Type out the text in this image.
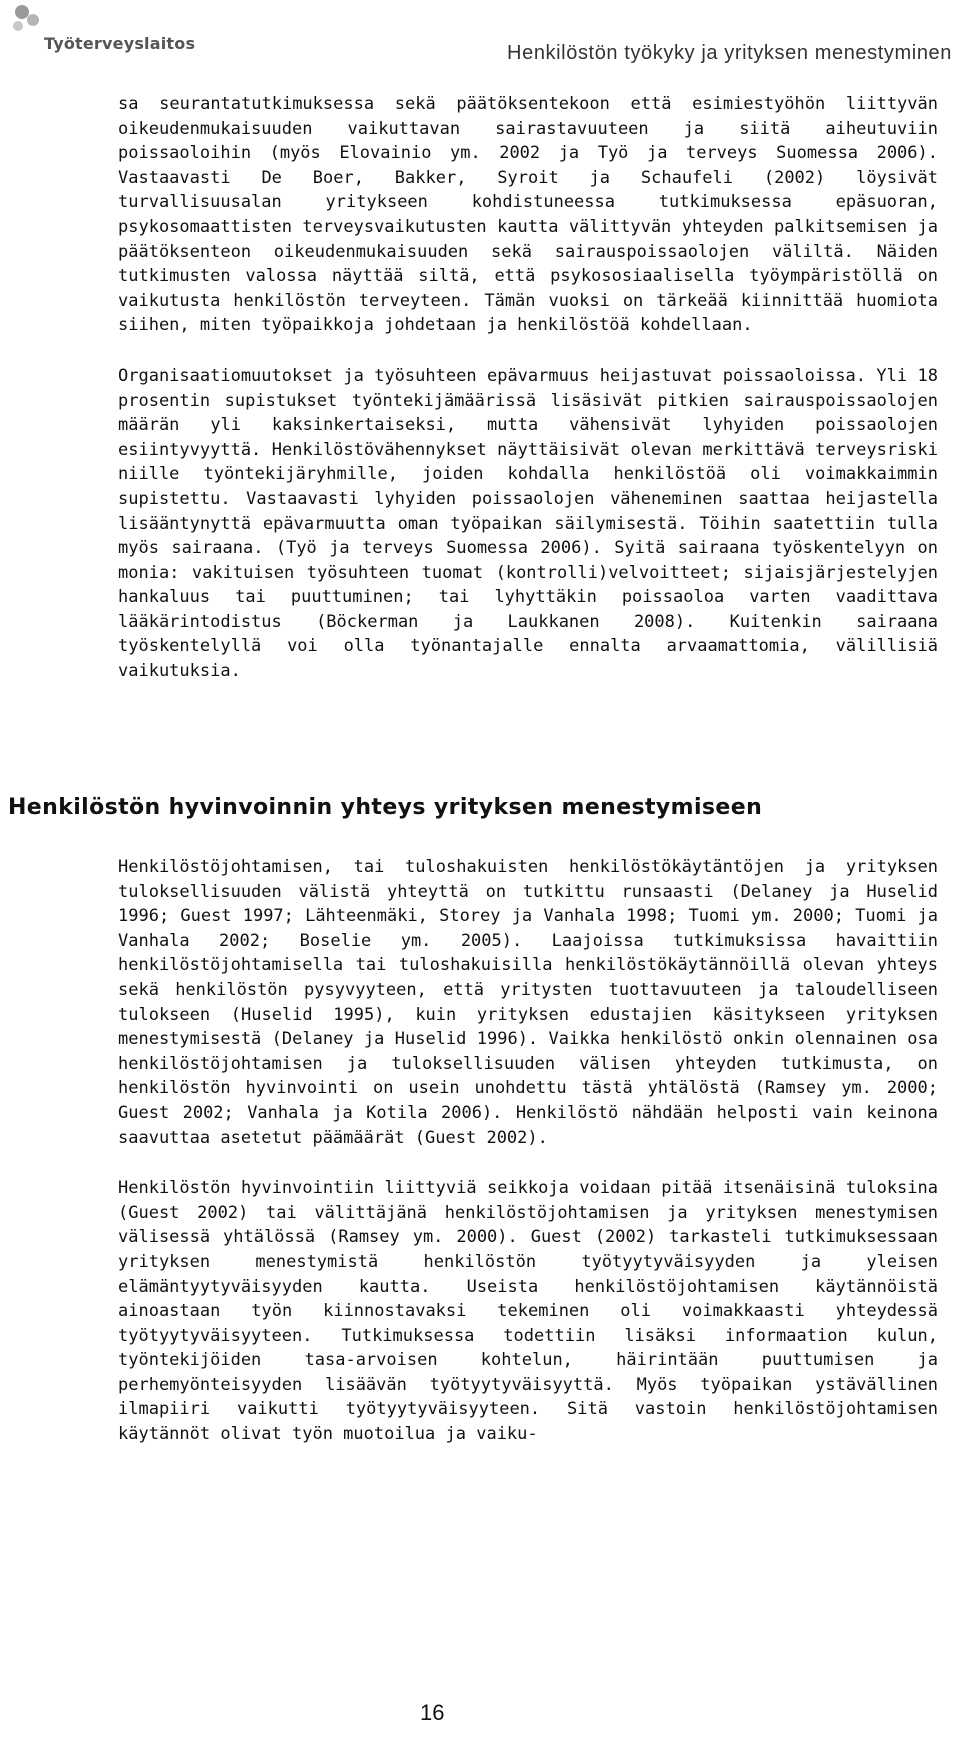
Työterveyslaitos	Henkilöstön työkyky ja yrityksen menestyminen

sa seurantatutkimuksessa sekä päätöksentekoon että esimiestyöhön liittyvän oikeudenmukaisuuden vaikuttavan sairastavuuteen ja siitä aiheutuviin poissaoloihin (myös Elovainio ym. 2002 ja Työ ja terveys Suomessa 2006). Vastaavasti De Boer, Bakker, Syroit ja Schaufeli (2002) löysivät turvallisuusalan yritykseen kohdistuneessa tutkimuksessa epäsuoran, psykosomaattisten terveysvaikutusten kautta välittyvän yhteyden palkitsemisen ja päätöksenteon oikeudenmukaisuuden sekä sairauspoissaolojen väliltä. Näiden tutkimusten valossa näyttää siltä, että psykososiaalisella työympäristöllä on vaikutusta henkilöstön terveyteen. Tämän vuoksi on tärkeää kiinnittää huomiota siihen, miten työpaikkoja johdetaan ja henkilöstöä kohdellaan.

Organisaatiomuutokset ja työsuhteen epävarmuus heijastuvat poissaoloissa. Yli 18 prosentin supistukset työntekijämäärissä lisäsivät pitkien sairauspoissaolojen määrän yli kaksinkertaiseksi, mutta vähensivät lyhyiden poissaolojen esiintyvyyttä. Henkilöstövähennykset näyttäisivät olevan merkittävä terveysriski niille työntekijäryhmille, joiden kohdalla henkilöstöä oli voimakkaimmin supistettu. Vastaavasti lyhyiden poissaolojen väheneminen saattaa heijastella lisääntynyttä epävarmuutta oman työpaikan säilymisestä. Töihin saatettiin tulla myös sairaana. (Työ ja terveys Suomessa 2006). Syitä sairaana työskentelyyn on monia: vakituisen työsuhteen tuomat (kontrolli)velvoitteet; sijaisjärjestelyjen hankaluus tai puuttuminen; tai lyhyttäkin poissaoloa varten vaadittava lääkärintodistus (Böckerman ja Laukkanen 2008). Kuitenkin sairaana työskentelyllä voi olla työnantajalle ennalta arvaamattomia, välillisiä vaikutuksia.

Henkilöstön hyvinvoinnin yhteys yrityksen menestymiseen

Henkilöstöjohtamisen, tai tuloshakuisten henkilöstökäytäntöjen ja yrityksen tuloksellisuuden välistä yhteyttä on tutkittu runsaasti (Delaney ja Huselid 1996; Guest 1997; Lähteenmäki, Storey ja Vanhala 1998; Tuomi ym. 2000; Tuomi ja Vanhala 2002; Boselie ym. 2005). Laajoissa tutkimuksissa havaittiin henkilöstöjohtamisella tai tuloshakuisilla henkilöstökäytännöillä olevan yhteys sekä henkilöstön pysyvyyteen, että yritysten tuottavuuteen ja taloudelliseen tulokseen (Huselid 1995), kuin yrityksen edustajien käsitykseen yrityksen menestymisestä (Delaney ja Huselid 1996). Vaikka henkilöstö onkin olennainen osa henkilöstöjohtamisen ja tuloksellisuuden välisen yhteyden tutkimusta, on henkilöstön hyvinvointi on usein unohdettu tästä yhtälöstä (Ramsey ym. 2000; Guest 2002; Vanhala ja Kotila 2006). Henkilöstö nähdään helposti vain keinona saavuttaa asetetut päämäärät (Guest 2002).

Henkilöstön hyvinvointiin liittyviä seikkoja voidaan pitää itsenäisinä tuloksina (Guest 2002) tai välittäjänä henkilöstöjohtamisen ja yrityksen menestymisen välisessä yhtälössä (Ramsey ym. 2000). Guest (2002) tarkasteli tutkimuksessaan yrityksen menestymistä henkilöstön työtyytyväisyyden ja yleisen elämäntyytyväisyyden kautta. Useista henkilöstöjohtamisen käytännöistä ainoastaan työn kiinnostavaksi tekeminen oli voimakkaasti yhteydessä työtyytyväisyyteen. Tutkimuksessa todettiin lisäksi informaation kulun, työntekijöiden tasa-arvoisen kohtelun, häirintään puuttumisen ja perhemyönteisyyden lisäävän työtyytyväisyyttä. Myös työpaikan ystävällinen ilmapiiri vaikutti työtyytyväisyyteen. Sitä vastoin henkilöstöjohtamisen käytännöt olivat työn muotoilua ja vaiku-

16
